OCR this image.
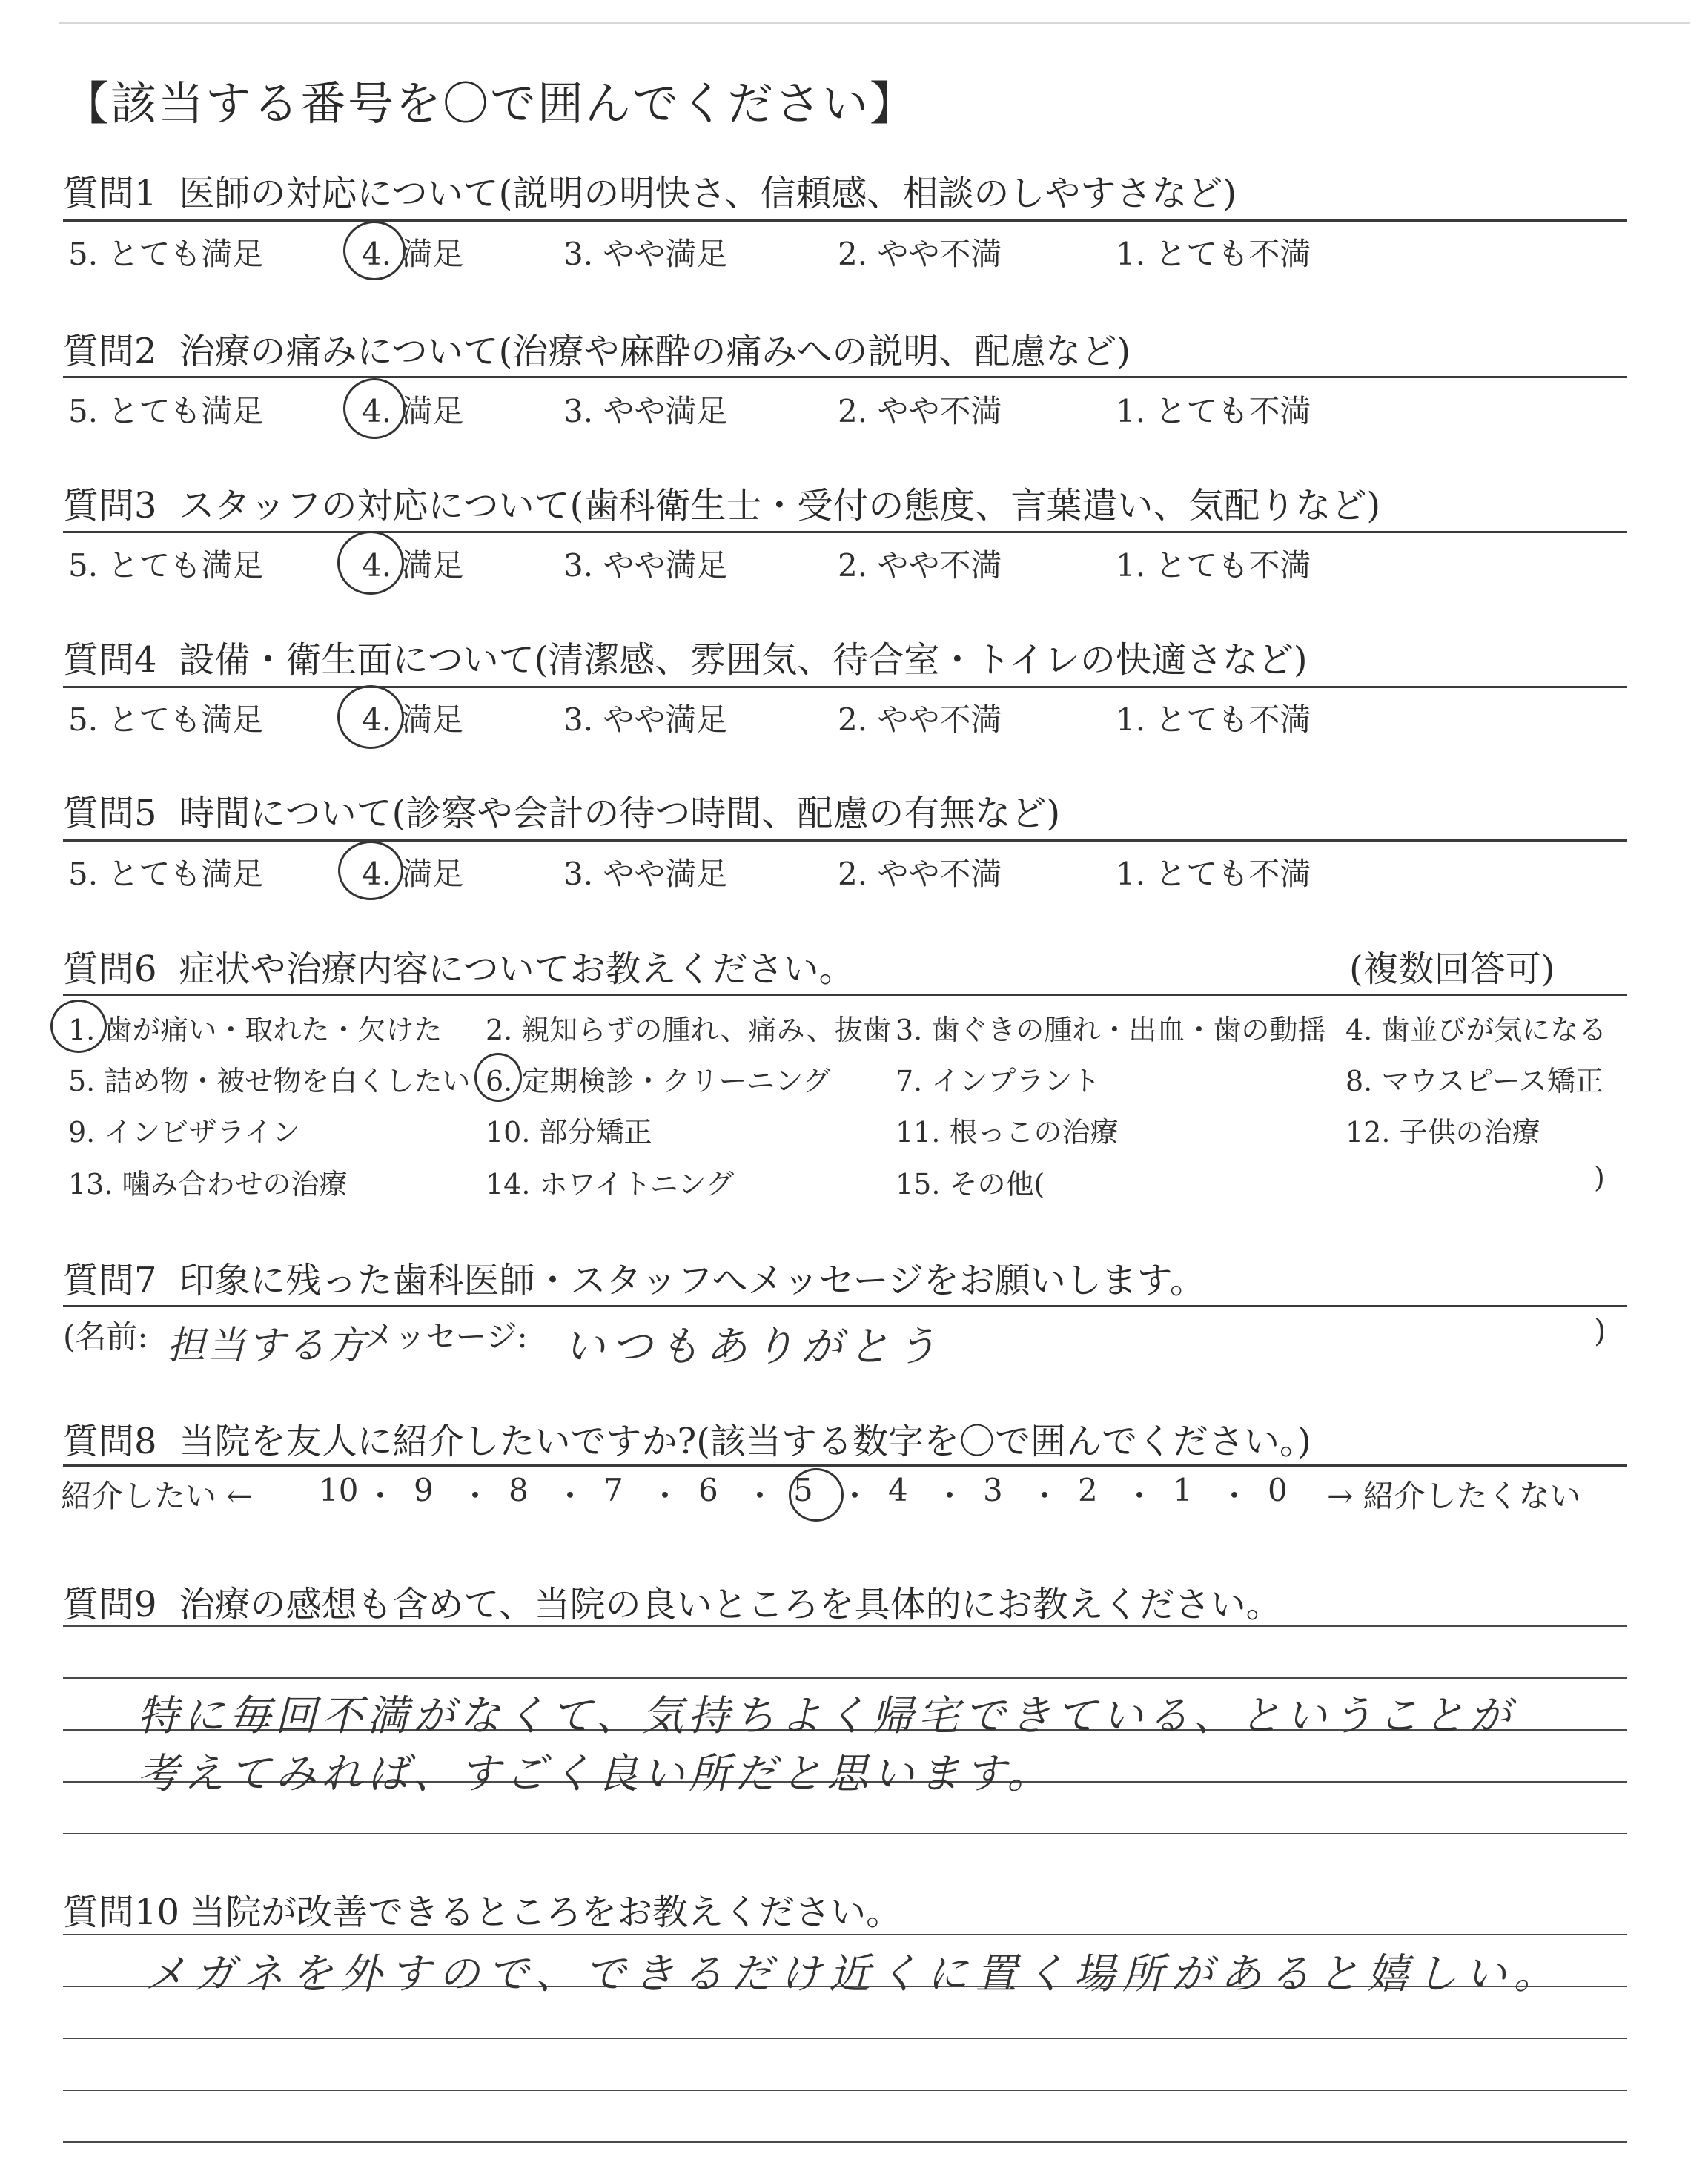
【該当する番号を〇で囲んでください】
質問1 医師の対応について(説明の明快さ、信頼感、相談のしやすさなど)
5. とても満足	4. 満足	3. やや満足	2. やや不満	1. とても不満
質問2 治療の痛みについて(治療や麻酔の痛みへの説明、配慮など)
5. とても満足	4. 満足	3. やや満足	2. やや不満	1. とても不満
質問3 スタッフの対応について(歯科衛生士・受付の態度、言葉遣い、気配りなど)
5. とても満足	4. 満足	3. やや満足	2. やや不満	1. とても不満
質問4 設備・衛生面について(清潔感、雰囲気、待合室・トイレの快適さなど)
5. とても満足	4. 満足	3. やや満足	2. やや不満	1. とても不満
質問5 時間について(診察や会計の待つ時間、配慮の有無など)
5. とても満足	4. 満足	3. やや満足	2. やや不満	1. とても不満
質問6 症状や治療内容についてお教えください。	(複数回答可)
1. 歯が痛い・取れた・欠けた 2. 親知らずの腫れ、痛み、抜歯 3. 歯ぐきの腫れ・出血・歯の動揺 4. 歯並びが気になる
5. 詰め物・被せ物を白くしたい 6. 定期検診・クリーニング 7. インプラント	8. マウスピース矯正
9. インビザライン	10. 部分矯正	11. 根っこの治療	12. 子供の治療
13. 噛み合わせの治療	14. ホワイトニング	15. その他(	)
質問7 印象に残った歯科医師・スタッフへメッセージをお願いします。
(名前: 担当する方
メッセージ: いつもありがとう	)
質問8 当院を友人に紹介したいですか?(該当する数字を〇で囲んでください。)
紹介したい ←	→ 紹介したくない
10 ・ 9 ・ 8 ・ 7 ・ 6 ・ 5 ・ 4 ・ 3 ・ 2 ・ 1 ・ 0
質問9 治療の感想も含めて、当院の良いところを具体的にお教えください。
特に毎回不満がなくて、気持ちよく帰宅できている、ということが
考えてみれば、すごく良い所だと思います。
質問10 当院が改善できるところをお教えください。
メガネを外すので、できるだけ近くに置く場所があると嬉しい。
